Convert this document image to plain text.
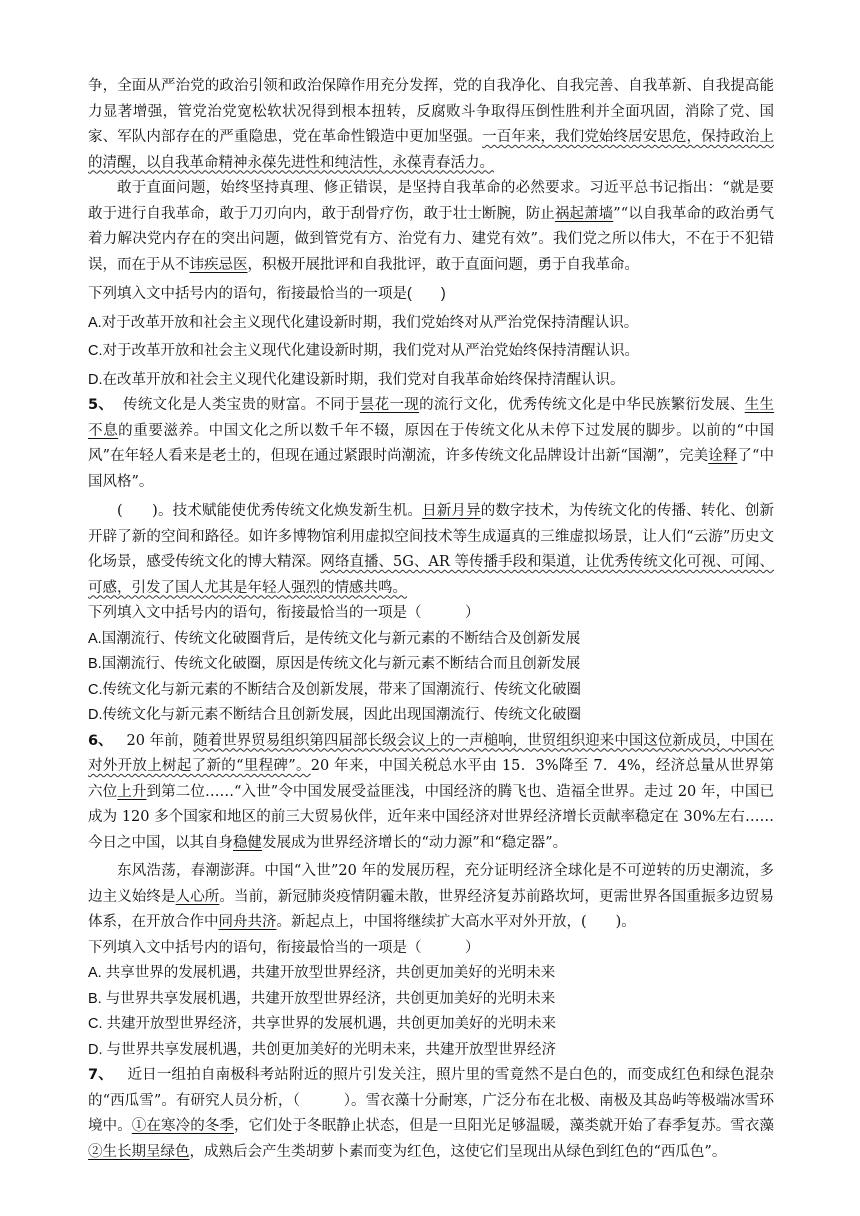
争，全面从严治党的政治引领和政治保障作用充分发挥，党的自我净化、自我完善、自我革新、自我提高能力显著增强，管党治党宽松软状况得到根本扭转，反腐败斗争取得压倒性胜利并全面巩固，消除了党、国家、军队内部存在的严重隐患，党在革命性锻造中更加坚强。一百年来，我们党始终居安思危，保持政治上的清醒，以自我革命精神永葆先进性和纯洁性，永葆青春活力。

敢于直面问题，始终坚持真理、修正错误，是坚持自我革命的必然要求。习近平总书记指出：“就是要敢于进行自我革命，敢于刀刃向内，敢于刮骨疗伤，敢于壮士断腕，防止祸起萧墙”“以自我革命的政治勇气着力解决党内存在的突出问题，做到管党有方、治党有力、建党有效”。我们党之所以伟大，不在于不犯错误，而在于从不讳疾忌医，积极开展批评和自我批评，敢于直面问题，勇于自我革命。

下列填入文中括号内的语句，衔接最恰当的一项是(　　)

A.对于改革开放和社会主义现代化建设新时期，我们党始终对从严治党保持清醒认识。

C.对于改革开放和社会主义现代化建设新时期，我们党对从严治党始终保持清醒认识。

D.在改革开放和社会主义现代化建设新时期，我们党对自我革命始终保持清醒认识。

5、 传统文化是人类宝贵的财富。不同于昙花一现的流行文化，优秀传统文化是中华民族繁衍发展、生生不息的重要滋养。中国文化之所以数千年不辍，原因在于传统文化从未停下过发展的脚步。以前的“中国风”在年轻人看来是老土的，但现在通过紧跟时尚潮流，许多传统文化品牌设计出新“国潮”，完美诠释了“中国风格”。

(　　)。技术赋能使优秀传统文化焕发新生机。日新月异的数字技术，为传统文化的传播、转化、创新开辟了新的空间和路径。如许多博物馆利用虚拟空间技术等生成逼真的三维虚拟场景，让人们“云游”历史文化场景，感受传统文化的博大精深。网络直播、5G、AR 等传播手段和渠道，让优秀传统文化可视、可闻、可感，引发了国人尤其是年轻人强烈的情感共鸣。

下列填入文中括号内的语句，衔接最恰当的一项是（　　　）

A.国潮流行、传统文化破圈背后，是传统文化与新元素的不断结合及创新发展

B.国潮流行、传统文化破圈，原因是传统文化与新元素不断结合而且创新发展

C.传统文化与新元素的不断结合及创新发展，带来了国潮流行、传统文化破圈

D.传统文化与新元素不断结合且创新发展，因此出现国潮流行、传统文化破圈

6、 20 年前，随着世界贸易组织第四届部长级会议上的一声槌响，世贸组织迎来中国这位新成员，中国在对外开放上树起了新的“里程碑”。20 年来，中国关税总水平由 15．3%降至 7．4%，经济总量从世界第六位上升到第二位……“入世”令中国发展受益匪浅，中国经济的腾飞也、造福全世界。走过 20 年，中国已成为 120 多个国家和地区的前三大贸易伙伴，近年来中国经济对世界经济增长贡献率稳定在 30%左右……今日之中国，以其自身稳健发展成为世界经济增长的“动力源”和“稳定器”。

东风浩荡，春潮澎湃。中国“入世”20 年的发展历程，充分证明经济全球化是不可逆转的历史潮流，多边主义始终是人心所。当前，新冠肺炎疫情阴霾未散，世界经济复苏前路坎坷，更需世界各国重振多边贸易体系，在开放合作中同舟共济。新起点上，中国将继续扩大高水平对外开放，(　　)。

下列填入文中括号内的语句，衔接最恰当的一项是（　　　）

A. 共享世界的发展机遇，共建开放型世界经济，共创更加美好的光明未来

B. 与世界共享发展机遇，共建开放型世界经济，共创更加美好的光明未来

C. 共建开放型世界经济，共享世界的发展机遇，共创更加美好的光明未来

D. 与世界共享发展机遇，共创更加美好的光明未来，共建开放型世界经济

7、 近日一组拍自南极科考站附近的照片引发关注，照片里的雪竟然不是白色的，而变成红色和绿色混杂的“西瓜雪”。有研究人员分析，（　　　）。雪衣藻十分耐寒，广泛分布在北极、南极及其岛屿等极端冰雪环境中。①在寒冷的冬季，它们处于冬眠静止状态，但是一旦阳光足够温暖，藻类就开始了春季复苏。雪衣藻②生长期呈绿色，成熟后会产生类胡萝卜素而变为红色，这使它们呈现出从绿色到红色的“西瓜色”。
